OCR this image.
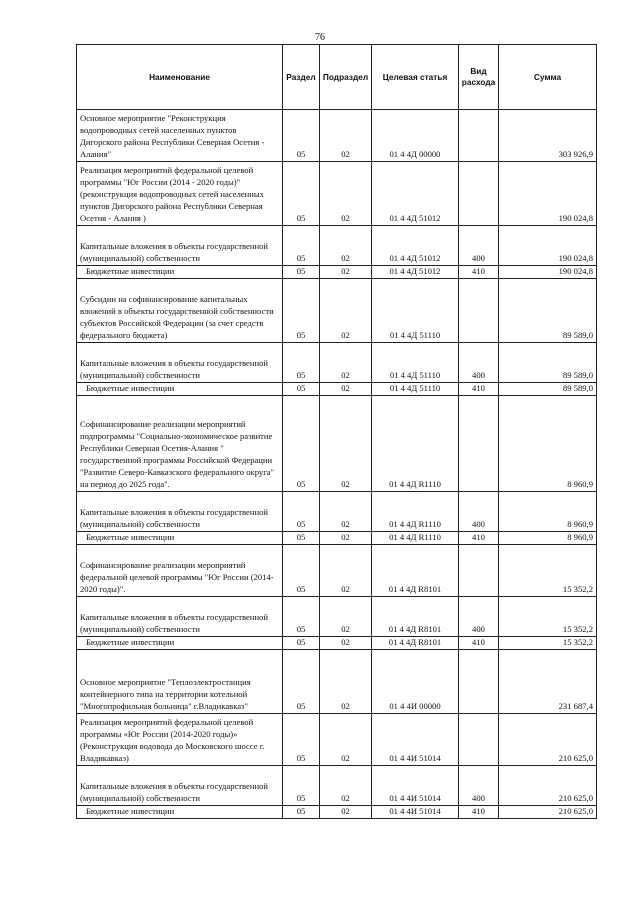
76
Наименование	Раздел	Подраздел	Целевая статья	Вид расхода	Сумма
Основное мероприятие "Реконструкция водопроводных сетей населенных пунктов Дигорского района Республики Северная Осетия - Алания"	05	02	01 4 4Д 00000		303 926,9
Реализация мероприятий федеральной целевой программы "Юг России (2014 - 2020 годы)" (реконструкция водопроводных сетей населенных пунктов Дигорского района Республики Северная Осетия - Алания )	05	02	01 4 4Д 51012		190 024,8
Капитальные вложения в объекты государственной (муниципальной) собственности	05	02	01 4 4Д 51012	400	190 024,8
Бюджетные инвестиции	05	02	01 4 4Д 51012	410	190 024,8
Субсидии на софинансирование капитальных вложений в объекты государственной собственности субъектов Российской Федерации (за счет средств федерального бюджета)	05	02	01 4 4Д 51110		89 589,0
Капитальные вложения в объекты государственной (муниципальной) собственности	05	02	01 4 4Д 51110	400	89 589,0
Бюджетные инвестиции	05	02	01 4 4Д 51110	410	89 589,0
Софинансирование реализации мероприятий подпрограммы "Социально-экономическое развитие Республики Северная Осетия-Алания " государственной программы Российской Федерации "Развитие Северо-Кавказского федерального округа" на период до 2025 года".	05	02	01 4 4Д R1110		8 960,9
Капитальные вложения в объекты государственной (муниципальной) собственности	05	02	01 4 4Д R1110	400	8 960,9
Бюджетные инвестиции	05	02	01 4 4Д R1110	410	8 960,9
Софинансирование реализации мероприятий федеральной целевой программы "Юг России (2014-2020 годы)".	05	02	01 4 4Д R8101		15 352,2
Капитальные вложения в объекты государственной (муниципальной) собственности	05	02	01 4 4Д R8101	400	15 352,2
Бюджетные инвестиции	05	02	01 4 4Д R8101	410	15 352,2
Основное мероприятие "Теплоэлектростанция контейнерного типа на территории котельной "Многопрофильная больница" г.Владикавказ"	05	02	01 4 4И 00000		231 687,4
Реализация мероприятий федеральной целевой программы «Юг России (2014-2020 годы)» (Реконструкция водовода до Московского шоссе г. Владикавказ)	05	02	01 4 4И 51014		210 625,0
Капитальные вложения в объекты государственной (муниципальной) собственности	05	02	01 4 4И 51014	400	210 625,0
Бюджетные инвестиции	05	02	01 4 4И 51014	410	210 625,0
